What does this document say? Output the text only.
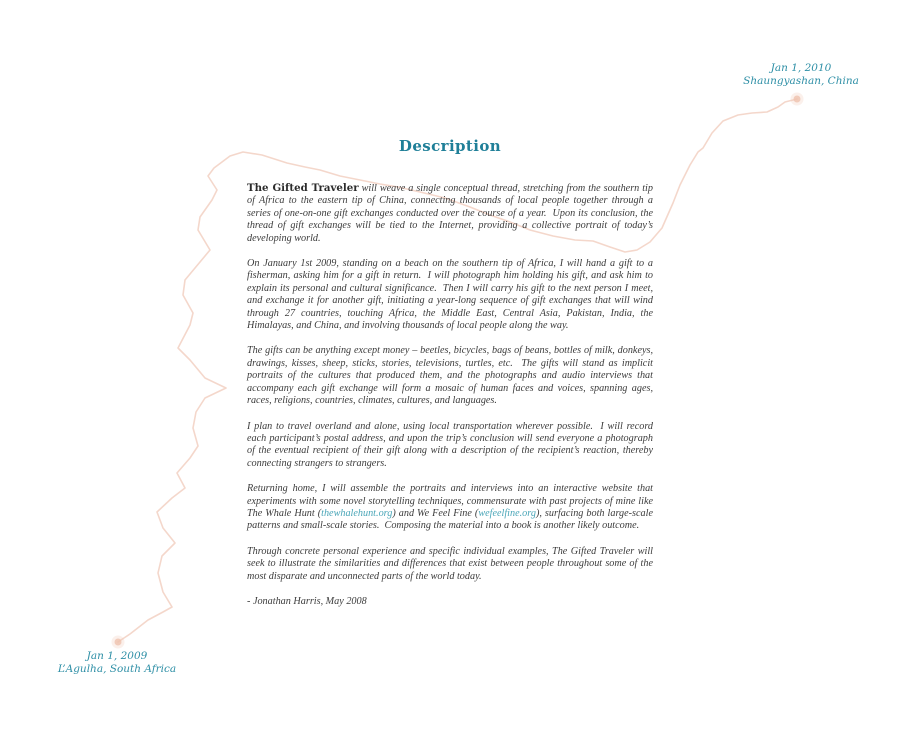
Jan 1, 2010
Shaungyashan, China
Jan 1, 2009
L’Agulha, South Africa
Description

The Gifted Traveler will weave a single conceptual thread, stretching from the southern tip of Africa to the eastern tip of China, connecting thousands of local people together through a series of one-on-one gift exchanges conducted over the course of a year.  Upon its conclusion, the thread of gift exchanges will be tied to the Internet, providing a collective portrait of today’s developing world.

On January 1st 2009, standing on a beach on the southern tip of Africa, I will hand a gift to a fisherman, asking him for a gift in return.  I will photograph him holding his gift, and ask him to explain its personal and cultural significance.  Then I will carry his gift to the next person I meet, and exchange it for another gift, initiating a year-long sequence of gift exchanges that will wind through 27 countries, touching Africa, the Middle East, Central Asia, Pakistan, India, the Himalayas, and China, and involving thousands of local people along the way.

The gifts can be anything except money – beetles, bicycles, bags of beans, bottles of milk, donkeys, drawings, kisses, sheep, sticks, stories, televisions, turtles, etc.  The gifts will stand as implicit portraits of the cultures that produced them, and the photographs and audio interviews that accompany each gift exchange will form a mosaic of human faces and voices, spanning ages, races, religions, countries, climates, cultures, and languages.

I plan to travel overland and alone, using local transportation wherever possible.  I will record each participant’s postal address, and upon the trip’s conclusion will send everyone a photograph of the eventual recipient of their gift along with a description of the recipient’s reaction, thereby connecting strangers to strangers.

Returning home, I will assemble the portraits and interviews into an interactive website that experiments with some novel storytelling techniques, commensurate with past projects of mine like The Whale Hunt (thewhalehunt.org) and We Feel Fine (wefeelfine.org), surfacing both large-scale patterns and small-scale stories.  Composing the material into a book is another likely outcome.

Through concrete personal experience and specific individual examples, The Gifted Traveler will seek to illustrate the similarities and differences that exist between people throughout some of the most disparate and unconnected parts of the world today.

- Jonathan Harris, May 2008
